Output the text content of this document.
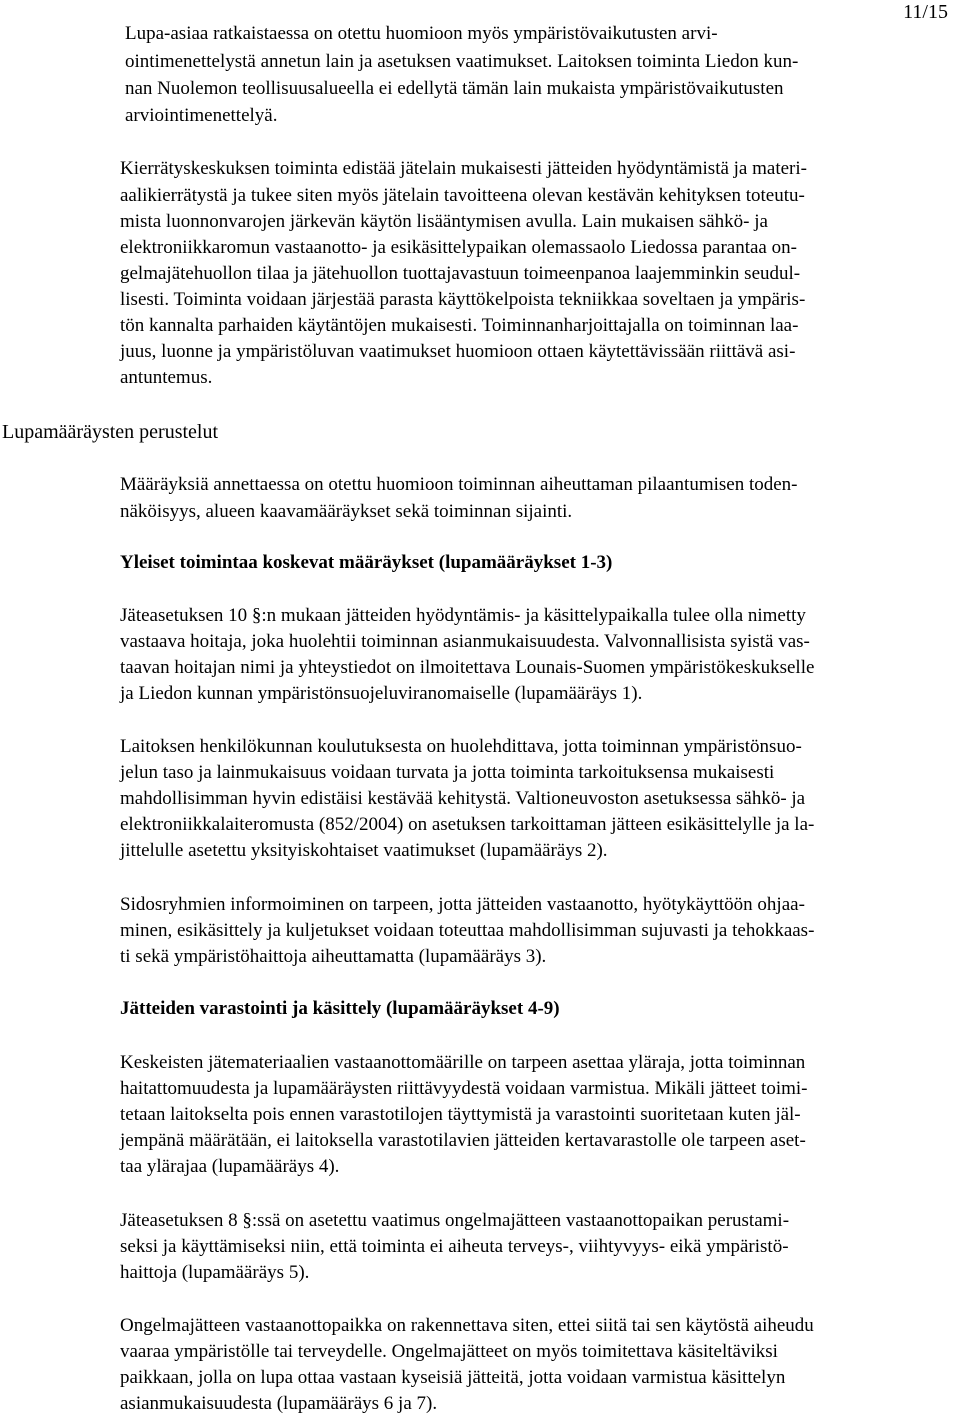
11/15
Lupa-asiaa ratkaistaessa on otettu huomioon myös ympäristövaikutusten arvi-
ointimenettelystä annetun lain ja asetuksen vaatimukset. Laitoksen toiminta Liedon kun-
nan Nuolemon teollisuusalueella ei edellytä tämän lain mukaista ympäristövaikutusten
arviointimenettelyä.
Kierrätyskeskuksen toiminta edistää jätelain mukaisesti jätteiden hyödyntämistä ja materi-
aalikierrätystä ja tukee siten myös jätelain tavoitteena olevan kestävän kehityksen toteutu-
mista luonnonvarojen järkevän käytön lisääntymisen avulla. Lain mukaisen sähkö- ja
elektroniikkaromun vastaanotto- ja esikäsittelypaikan olemassaolo Liedossa parantaa on-
gelmajätehuollon tilaa ja jätehuollon tuottajavastuun toimeenpanoa laajemminkin seudul-
lisesti. Toiminta voidaan järjestää parasta käyttökelpoista tekniikkaa soveltaen ja ympäris-
tön kannalta parhaiden käytäntöjen mukaisesti. Toiminnanharjoittajalla on toiminnan laa-
juus, luonne ja ympäristöluvan vaatimukset huomioon ottaen käytettävissään riittävä asi-
antuntemus.
Lupamääräysten perustelut
Määräyksiä annettaessa on otettu huomioon toiminnan aiheuttaman pilaantumisen toden-
näköisyys, alueen kaavamääräykset sekä toiminnan sijainti.
Yleiset toimintaa koskevat määräykset (lupamääräykset 1-3)
Jäteasetuksen 10 §:n mukaan jätteiden hyödyntämis- ja käsittelypaikalla tulee olla nimetty
vastaava hoitaja, joka huolehtii toiminnan asianmukaisuudesta. Valvonnallisista syistä vas-
taavan hoitajan nimi ja yhteystiedot on ilmoitettava Lounais-Suomen ympäristökeskukselle
ja Liedon kunnan ympäristönsuojeluviranomaiselle (lupamääräys 1).
Laitoksen henkilökunnan koulutuksesta on huolehdittava, jotta toiminnan ympäristönsuo-
jelun taso ja lainmukaisuus voidaan turvata ja jotta toiminta tarkoituksensa mukaisesti
mahdollisimman hyvin edistäisi kestävää kehitystä. Valtioneuvoston asetuksessa sähkö- ja
elektroniikkalaiteromusta (852/2004) on asetuksen tarkoittaman jätteen esikäsittelylle ja la-
jittelulle asetettu yksityiskohtaiset vaatimukset (lupamääräys 2).
Sidosryhmien informoiminen on tarpeen, jotta jätteiden vastaanotto, hyötykäyttöön ohjaa-
minen, esikäsittely ja kuljetukset voidaan toteuttaa mahdollisimman sujuvasti ja tehokkaas-
ti sekä ympäristöhaittoja aiheuttamatta (lupamääräys 3).
Jätteiden varastointi ja käsittely (lupamääräykset 4-9)
Keskeisten jätemateriaalien vastaanottomäärille on tarpeen asettaa yläraja, jotta toiminnan
haitattomuudesta ja lupamääräysten riittävyydestä voidaan varmistua. Mikäli jätteet toimi-
tetaan laitokselta pois ennen varastotilojen täyttymistä ja varastointi suoritetaan kuten jäl-
jempänä määrätään, ei laitoksella varastotilavien jätteiden kertavarastolle ole tarpeen aset-
taa ylärajaa (lupamääräys 4).
Jäteasetuksen 8 §:ssä on asetettu vaatimus ongelmajätteen vastaanottopaikan perustami-
seksi ja käyttämiseksi niin, että toiminta ei aiheuta terveys-, viihtyvyys- eikä ympäristö-
haittoja (lupamääräys 5).
Ongelmajätteen vastaanottopaikka on rakennettava siten, ettei siitä tai sen käytöstä aiheudu
vaaraa ympäristölle tai terveydelle. Ongelmajätteet on myös toimitettava käsiteltäviksi
paikkaan, jolla on lupa ottaa vastaan kyseisiä jätteitä, jotta voidaan varmistua käsittelyn
asianmukaisuudesta (lupamääräys 6 ja 7).
